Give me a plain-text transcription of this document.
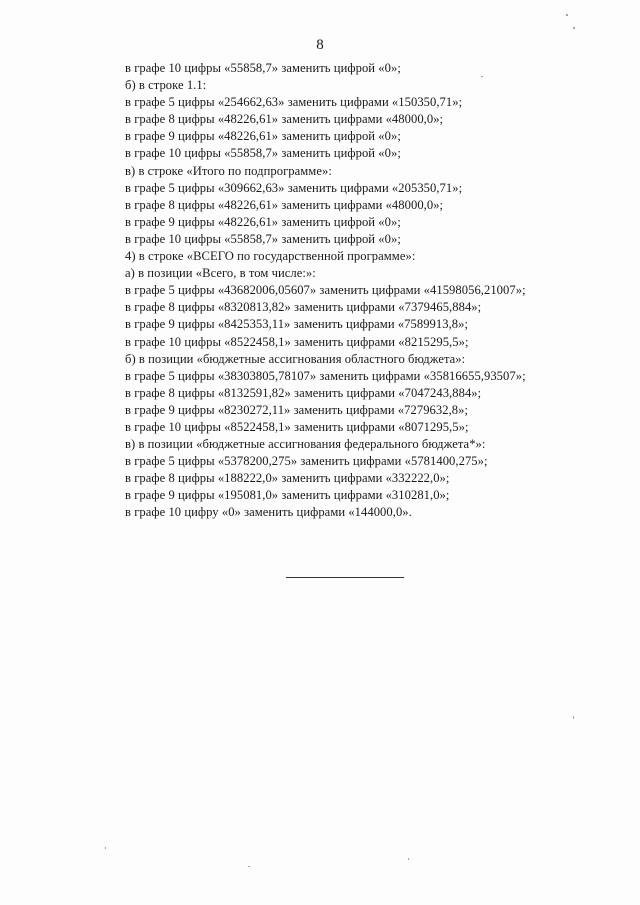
8
в графе 10 цифры «55858,7» заменить цифрой «0»;
б) в строке 1.1:
в графе 5 цифры «254662,63» заменить цифрами «150350,71»;
в графе 8 цифры «48226,61» заменить цифрами «48000,0»;
в графе 9 цифры «48226,61» заменить цифрой «0»;
в графе 10 цифры «55858,7» заменить цифрой «0»;
в) в строке «Итого по подпрограмме»:
в графе 5 цифры «309662,63» заменить цифрами «205350,71»;
в графе 8 цифры «48226,61» заменить цифрами «48000,0»;
в графе 9 цифры «48226,61» заменить цифрой «0»;
в графе 10 цифры «55858,7» заменить цифрой «0»;
4) в строке «ВСЕГО по государственной программе»:
а) в позиции «Всего, в том числе:»:
в графе 5 цифры «43682006,05607» заменить цифрами «41598056,21007»;
в графе 8 цифры «8320813,82» заменить цифрами «7379465,884»;
в графе 9 цифры «8425353,11» заменить цифрами «7589913,8»;
в графе 10 цифры «8522458,1» заменить цифрами «8215295,5»;
б) в позиции «бюджетные ассигнования областного бюджета»:
в графе 5 цифры «38303805,78107» заменить цифрами «35816655,93507»;
в графе 8 цифры «8132591,82» заменить цифрами «7047243,884»;
в графе 9 цифры «8230272,11» заменить цифрами «7279632,8»;
в графе 10 цифры «8522458,1» заменить цифрами «8071295,5»;
в) в позиции «бюджетные ассигнования федерального бюджета*»:
в графе 5 цифры «5378200,275» заменить цифрами «5781400,275»;
в графе 8 цифры «188222,0» заменить цифрами «332222,0»;
в графе 9 цифры «195081,0» заменить цифрами «310281,0»;
в графе 10 цифру «0» заменить цифрами «144000,0».
